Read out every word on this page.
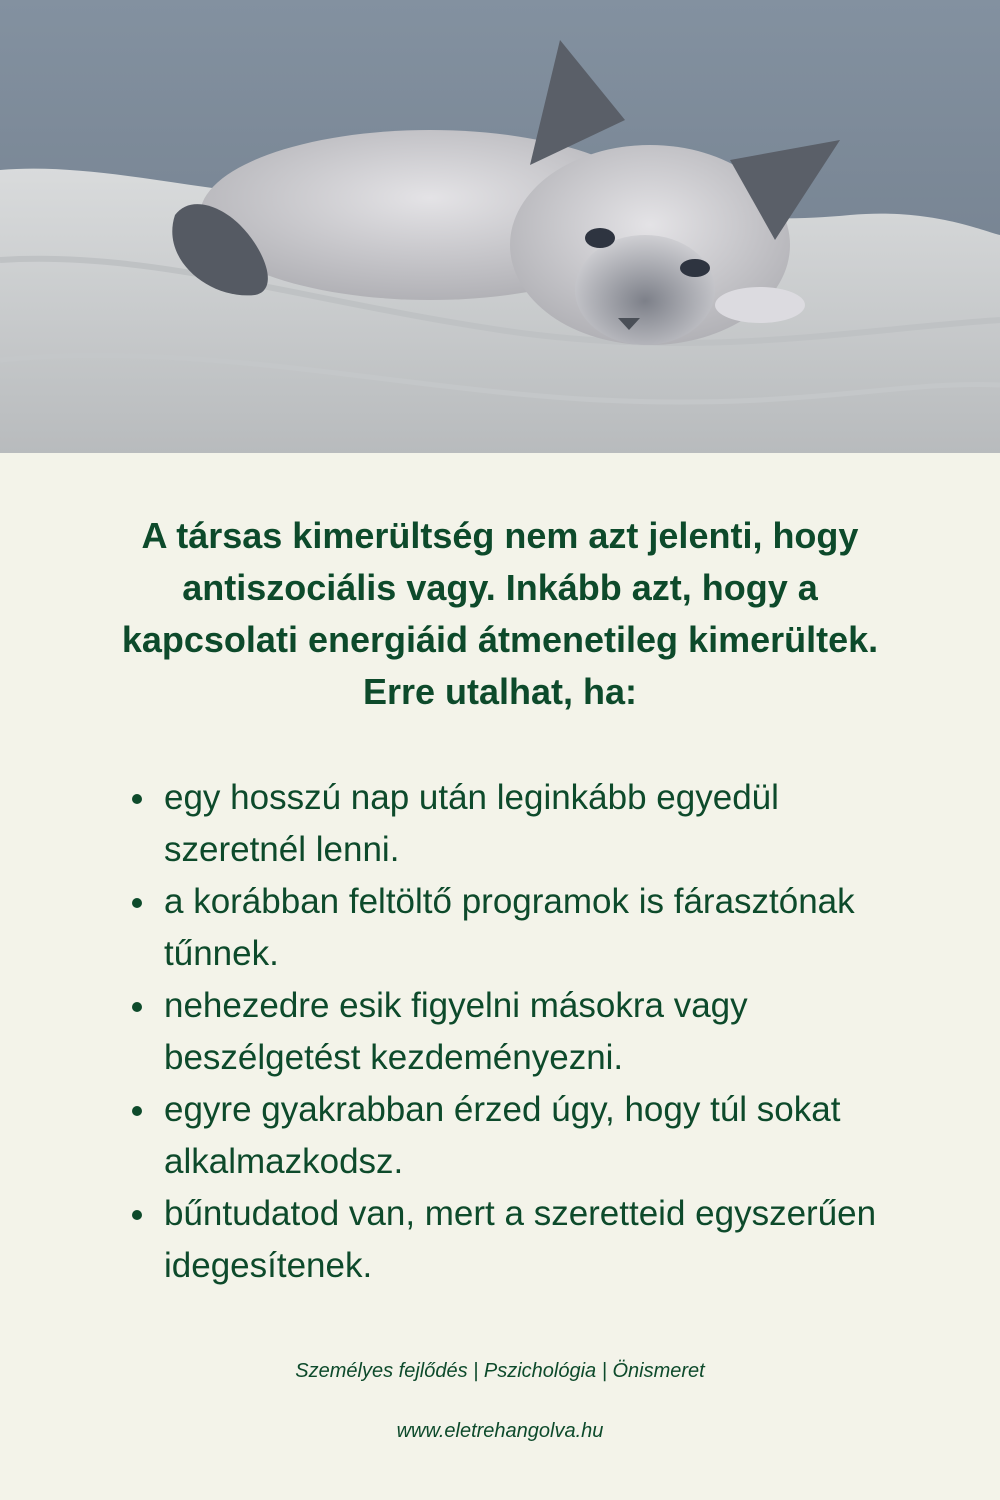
A társas kimerültség nem azt jelenti, hogy antiszociális vagy. Inkább azt, hogy a kapcsolati energiáid átmenetileg kimerültek. Erre utalhat, ha:

egy hosszú nap után leginkább egyedül szeretnél lenni.
a korábban feltöltő programok is fárasztónak tűnnek.
nehezedre esik figyelni másokra vagy beszélgetést kezdeményezni.
egyre gyakrabban érzed úgy, hogy túl sokat alkalmazkodsz.
bűntudatod van, mert a szeretteid egyszerűen idegesítenek.
Személyes fejlődés | Pszichológia | Önismeret
www.eletrehangolva.hu
